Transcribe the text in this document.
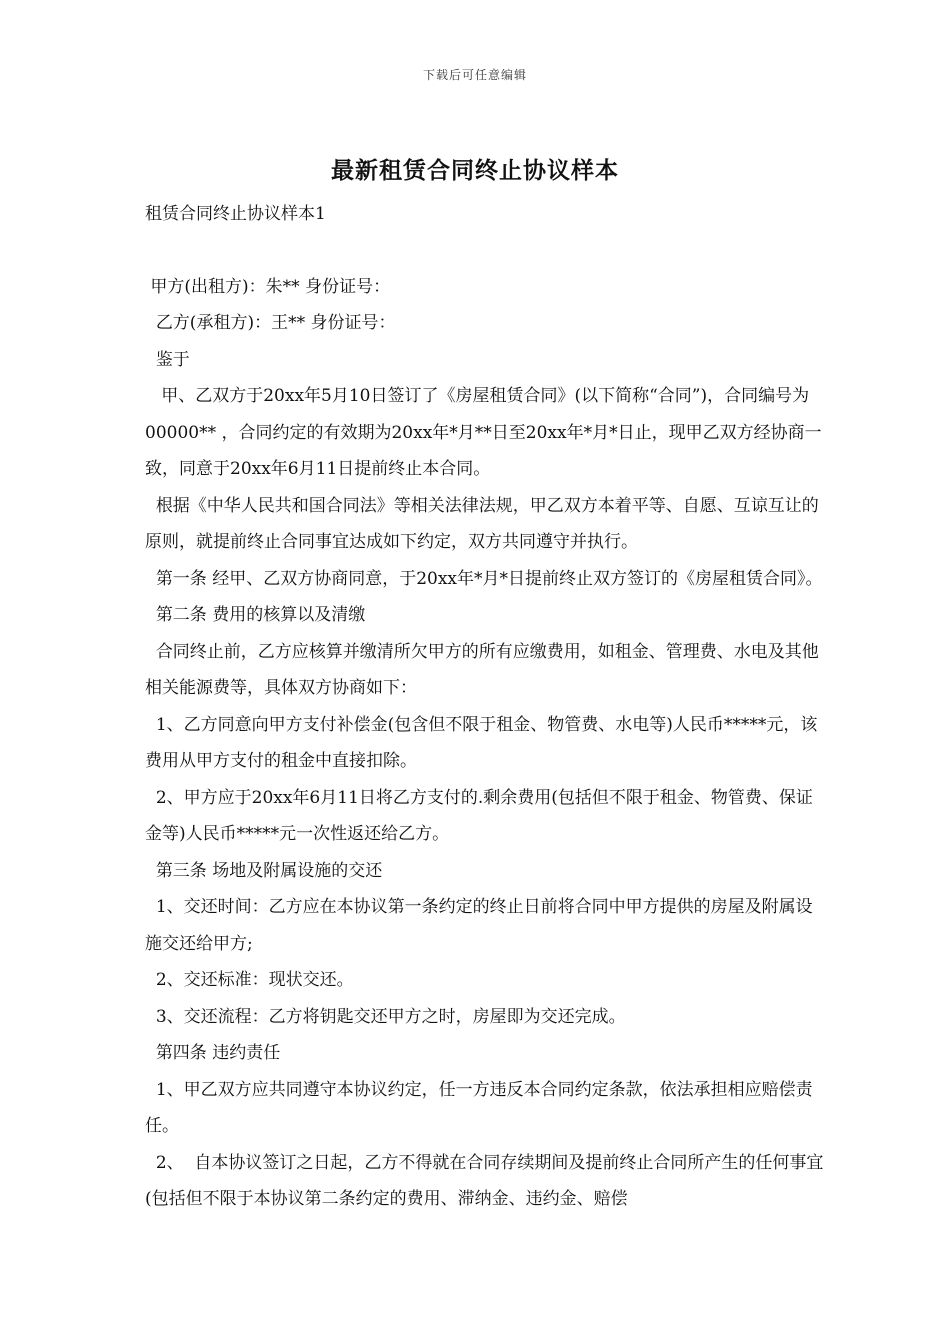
下载后可任意编辑
最新租赁合同终止协议样本

租赁合同终止协议样本1

甲方(出租方)：朱** 身份证号：

乙方(承租方)：王** 身份证号：

鉴于

甲、乙双方于20xx年5月10日签订了《房屋租赁合同》(以下简称“合同”)，合同编号为 00000** ，合同约定的有效期为20xx年*月**日至20xx年*月*日止，现甲乙双方经协商一致，同意于20xx年6月11日提前终止本合同。

根据《中华人民共和国合同法》等相关法律法规，甲乙双方本着平等、自愿、互谅互让的原则，就提前终止合同事宜达成如下约定，双方共同遵守并执行。

第一条 经甲、乙双方协商同意，于20xx年*月*日提前终止双方签订的《房屋租赁合同》。

第二条 费用的核算以及清缴

合同终止前，乙方应核算并缴清所欠甲方的所有应缴费用，如租金、管理费、水电及其他相关能源费等，具体双方协商如下：

1、乙方同意向甲方支付补偿金(包含但不限于租金、物管费、水电等)人民币*****元，该费用从甲方支付的租金中直接扣除。

2、甲方应于20xx年6月11日将乙方支付的.剩余费用(包括但不限于租金、物管费、保证金等)人民币*****元一次性返还给乙方。

第三条 场地及附属设施的交还

1、交还时间：乙方应在本协议第一条约定的终止日前将合同中甲方提供的房屋及附属设施交还给甲方;

2、交还标准：现状交还。

3、交还流程：乙方将钥匙交还甲方之时，房屋即为交还完成。

第四条 违约责任

1、甲乙双方应共同遵守本协议约定，任一方违反本合同约定条款，依法承担相应赔偿责任。

2、  自本协议签订之日起，乙方不得就在合同存续期间及提前终止合同所产生的任何事宜(包括但不限于本协议第二条约定的费用、滞纳金、违约金、赔偿
